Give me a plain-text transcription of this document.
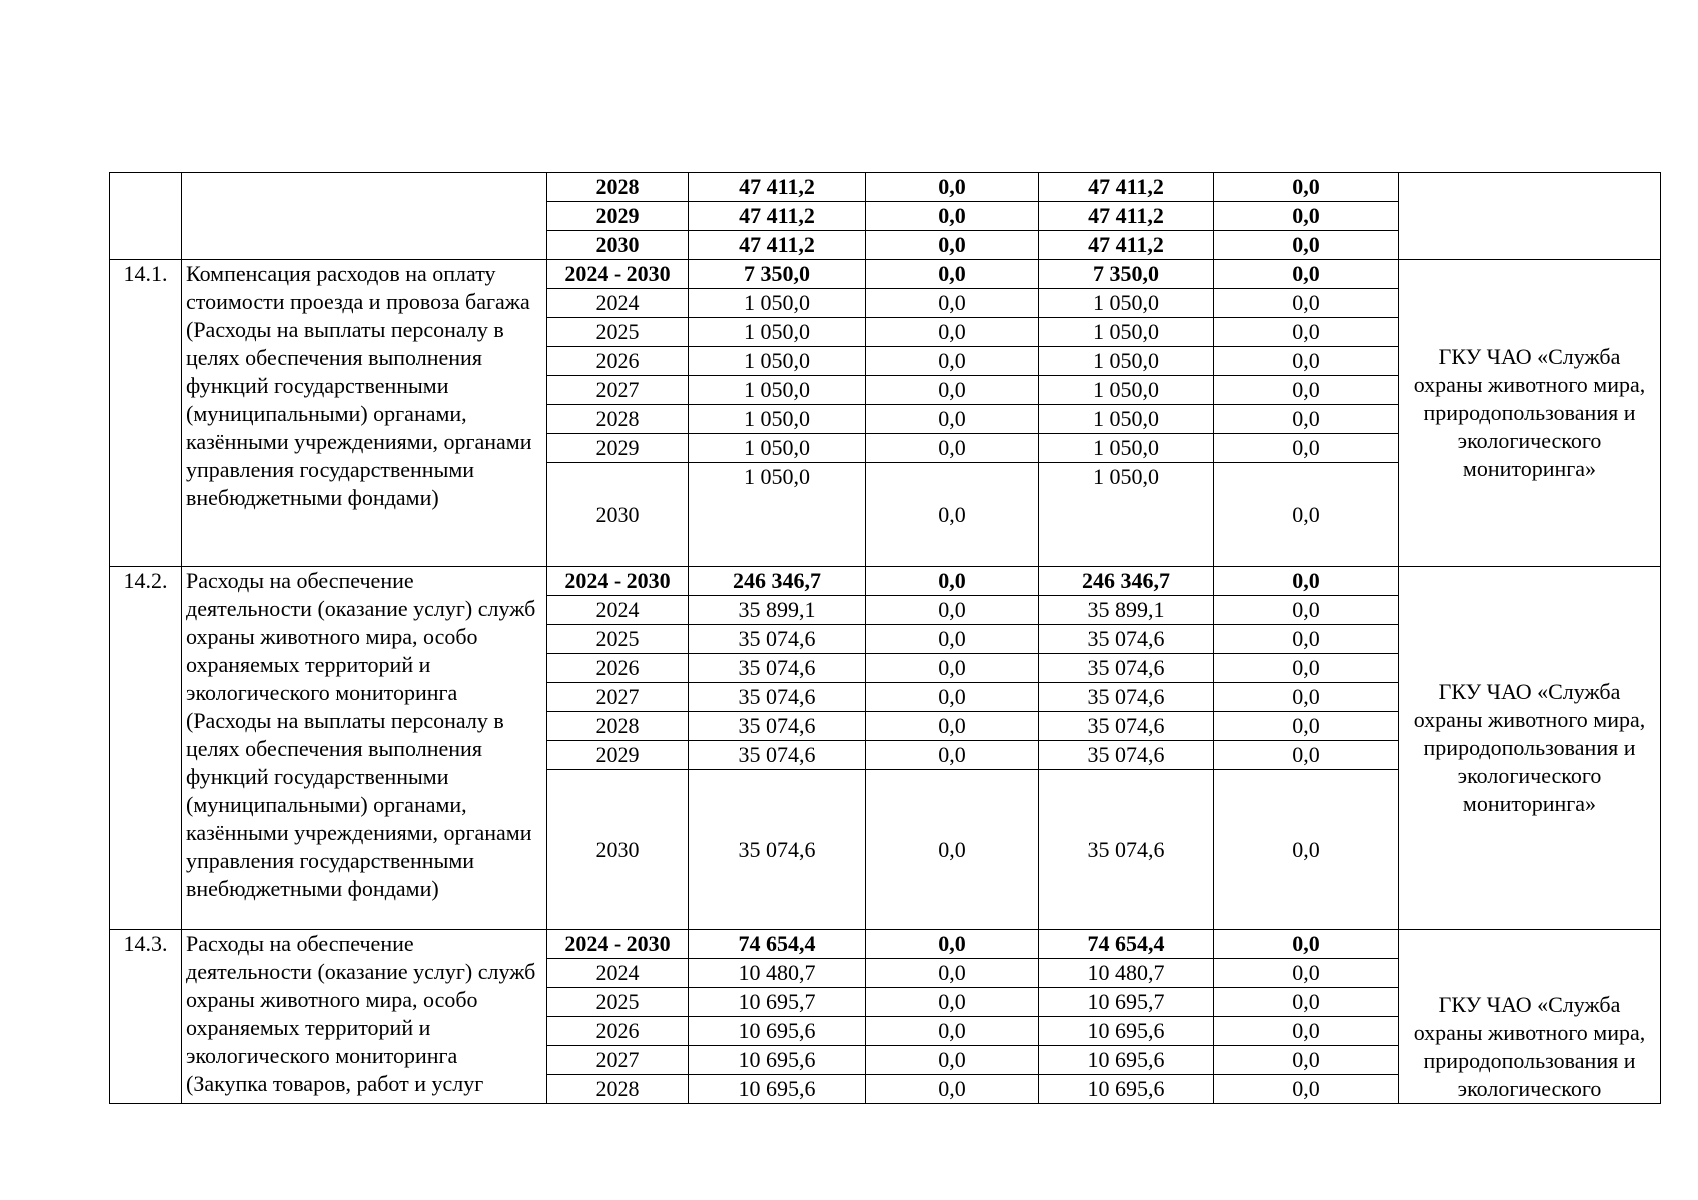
		2028	47 411,2	0,0	47 411,2	0,0	
		2029	47 411,2	0,0	47 411,2	0,0	
		2030	47 411,2	0,0	47 411,2	0,0	
14.1.	Компенсация расходов на оплату стоимости проезда и провоза багажа (Расходы на выплаты персоналу в целях обеспечения выполнения функций государственными (муниципальными) органами, казёнными учреждениями, органами управления государственными внебюджетными фондами)	2024 - 2030	7 350,0	0,0	7 350,0	0,0	ГКУ ЧАО «Служба охраны животного мира, природопользования и экологического мониторинга»
		2024	1 050,0	0,0	1 050,0	0,0	
		2025	1 050,0	0,0	1 050,0	0,0	
		2026	1 050,0	0,0	1 050,0	0,0	
		2027	1 050,0	0,0	1 050,0	0,0	
		2028	1 050,0	0,0	1 050,0	0,0	
		2029	1 050,0	0,0	1 050,0	0,0	
		2030	1 050,0	0,0	1 050,0	0,0	
14.2.	Расходы на обеспечение деятельности (оказание услуг) служб охраны животного мира, особо охраняемых территорий и экологического мониторинга (Расходы на выплаты персоналу в целях обеспечения выполнения функций государственными (муниципальными) органами, казёнными учреждениями, органами управления государственными внебюджетными фондами)	2024 - 2030	246 346,7	0,0	246 346,7	0,0	ГКУ ЧАО «Служба охраны животного мира, природопользования и экологического мониторинга»
		2024	35 899,1	0,0	35 899,1	0,0	
		2025	35 074,6	0,0	35 074,6	0,0	
		2026	35 074,6	0,0	35 074,6	0,0	
		2027	35 074,6	0,0	35 074,6	0,0	
		2028	35 074,6	0,0	35 074,6	0,0	
		2029	35 074,6	0,0	35 074,6	0,0	
		2030	35 074,6	0,0	35 074,6	0,0	
14.3.	Расходы на обеспечение деятельности (оказание услуг) служб охраны животного мира, особо охраняемых территорий и экологического мониторинга (Закупка товаров, работ и услуг	2024 - 2030	74 654,4	0,0	74 654,4	0,0	ГКУ ЧАО «Служба охраны животного мира, природопользования и экологического
		2024	10 480,7	0,0	10 480,7	0,0	
		2025	10 695,7	0,0	10 695,7	0,0	
		2026	10 695,6	0,0	10 695,6	0,0	
		2027	10 695,6	0,0	10 695,6	0,0	
		2028	10 695,6	0,0	10 695,6	0,0	
